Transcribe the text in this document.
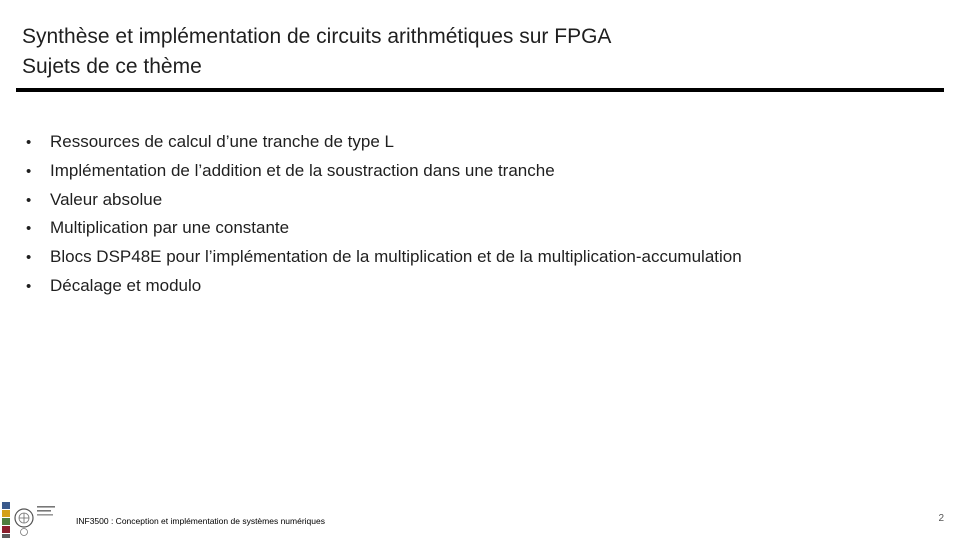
Synthèse et implémentation de circuits arithmétiques sur FPGA
Sujets de ce thème
•	Ressources de calcul d’une tranche de type L
•	Implémentation de l’addition et de la soustraction dans une tranche
•	Valeur absolue
•	Multiplication par une constante
•	Blocs DSP48E pour l’implémentation de la multiplication et de la multiplication-accumulation
•	Décalage et modulo
INF3500 : Conception et implémentation de systèmes numériques	2
